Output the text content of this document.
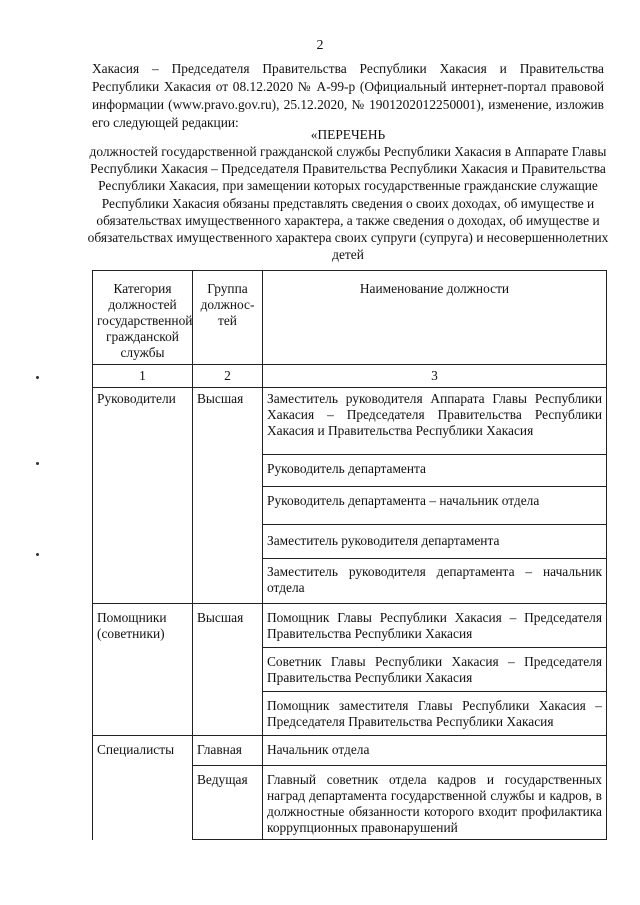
2

Хакасия – Председателя Правительства Республики Хакасия и Правительства Республики Хакасия от 08.12.2020 № А-99-р (Официальный интернет-портал правовой информации (www.pravo.gov.ru), 25.12.2020, № 1901202012250001), изменение, изложив его следующей редакции:

«ПЕРЕЧЕНЬ
должностей государственной гражданской службы Республики Хакасия в Аппарате Главы Республики Хакасия – Председателя Правительства Республики Хакасия и Правительства Республики Хакасия, при замещении которых государственные гражданские служащие Республики Хакасия обязаны представлять сведения о своих доходах, об имуществе и обязательствах имущественного характера, а также сведения о доходах, об имуществе и обязательствах имущественного характера своих супруги (супруга) и несовершеннолетних детей
Категория должностей государственной гражданской службы	Группа должнос-тей	Наименование должности
1	2	3
Руководители	Высшая	Заместитель руководителя Аппарата Главы Республики Хакасия – Председателя Правительства Республики Хакасия и Правительства Республики Хакасия
		Руководитель департамента
		Руководитель департамента – начальник отдела
		Заместитель руководителя департамента
		Заместитель руководителя департамента – начальник отдела
Помощники (советники)	Высшая	Помощник Главы Республики Хакасия – Председателя Правительства Республики Хакасия
		Советник Главы Республики Хакасия – Председателя Правительства Республики Хакасия
		Помощник заместителя Главы Республики Хакасия – Председателя Правительства Республики Хакасия
Специалисты	Главная	Начальник отдела
	Ведущая	Главный советник отдела кадров и государственных наград департамента государственной службы и кадров, в должностные обязанности которого входит профилактика коррупционных правонарушений
